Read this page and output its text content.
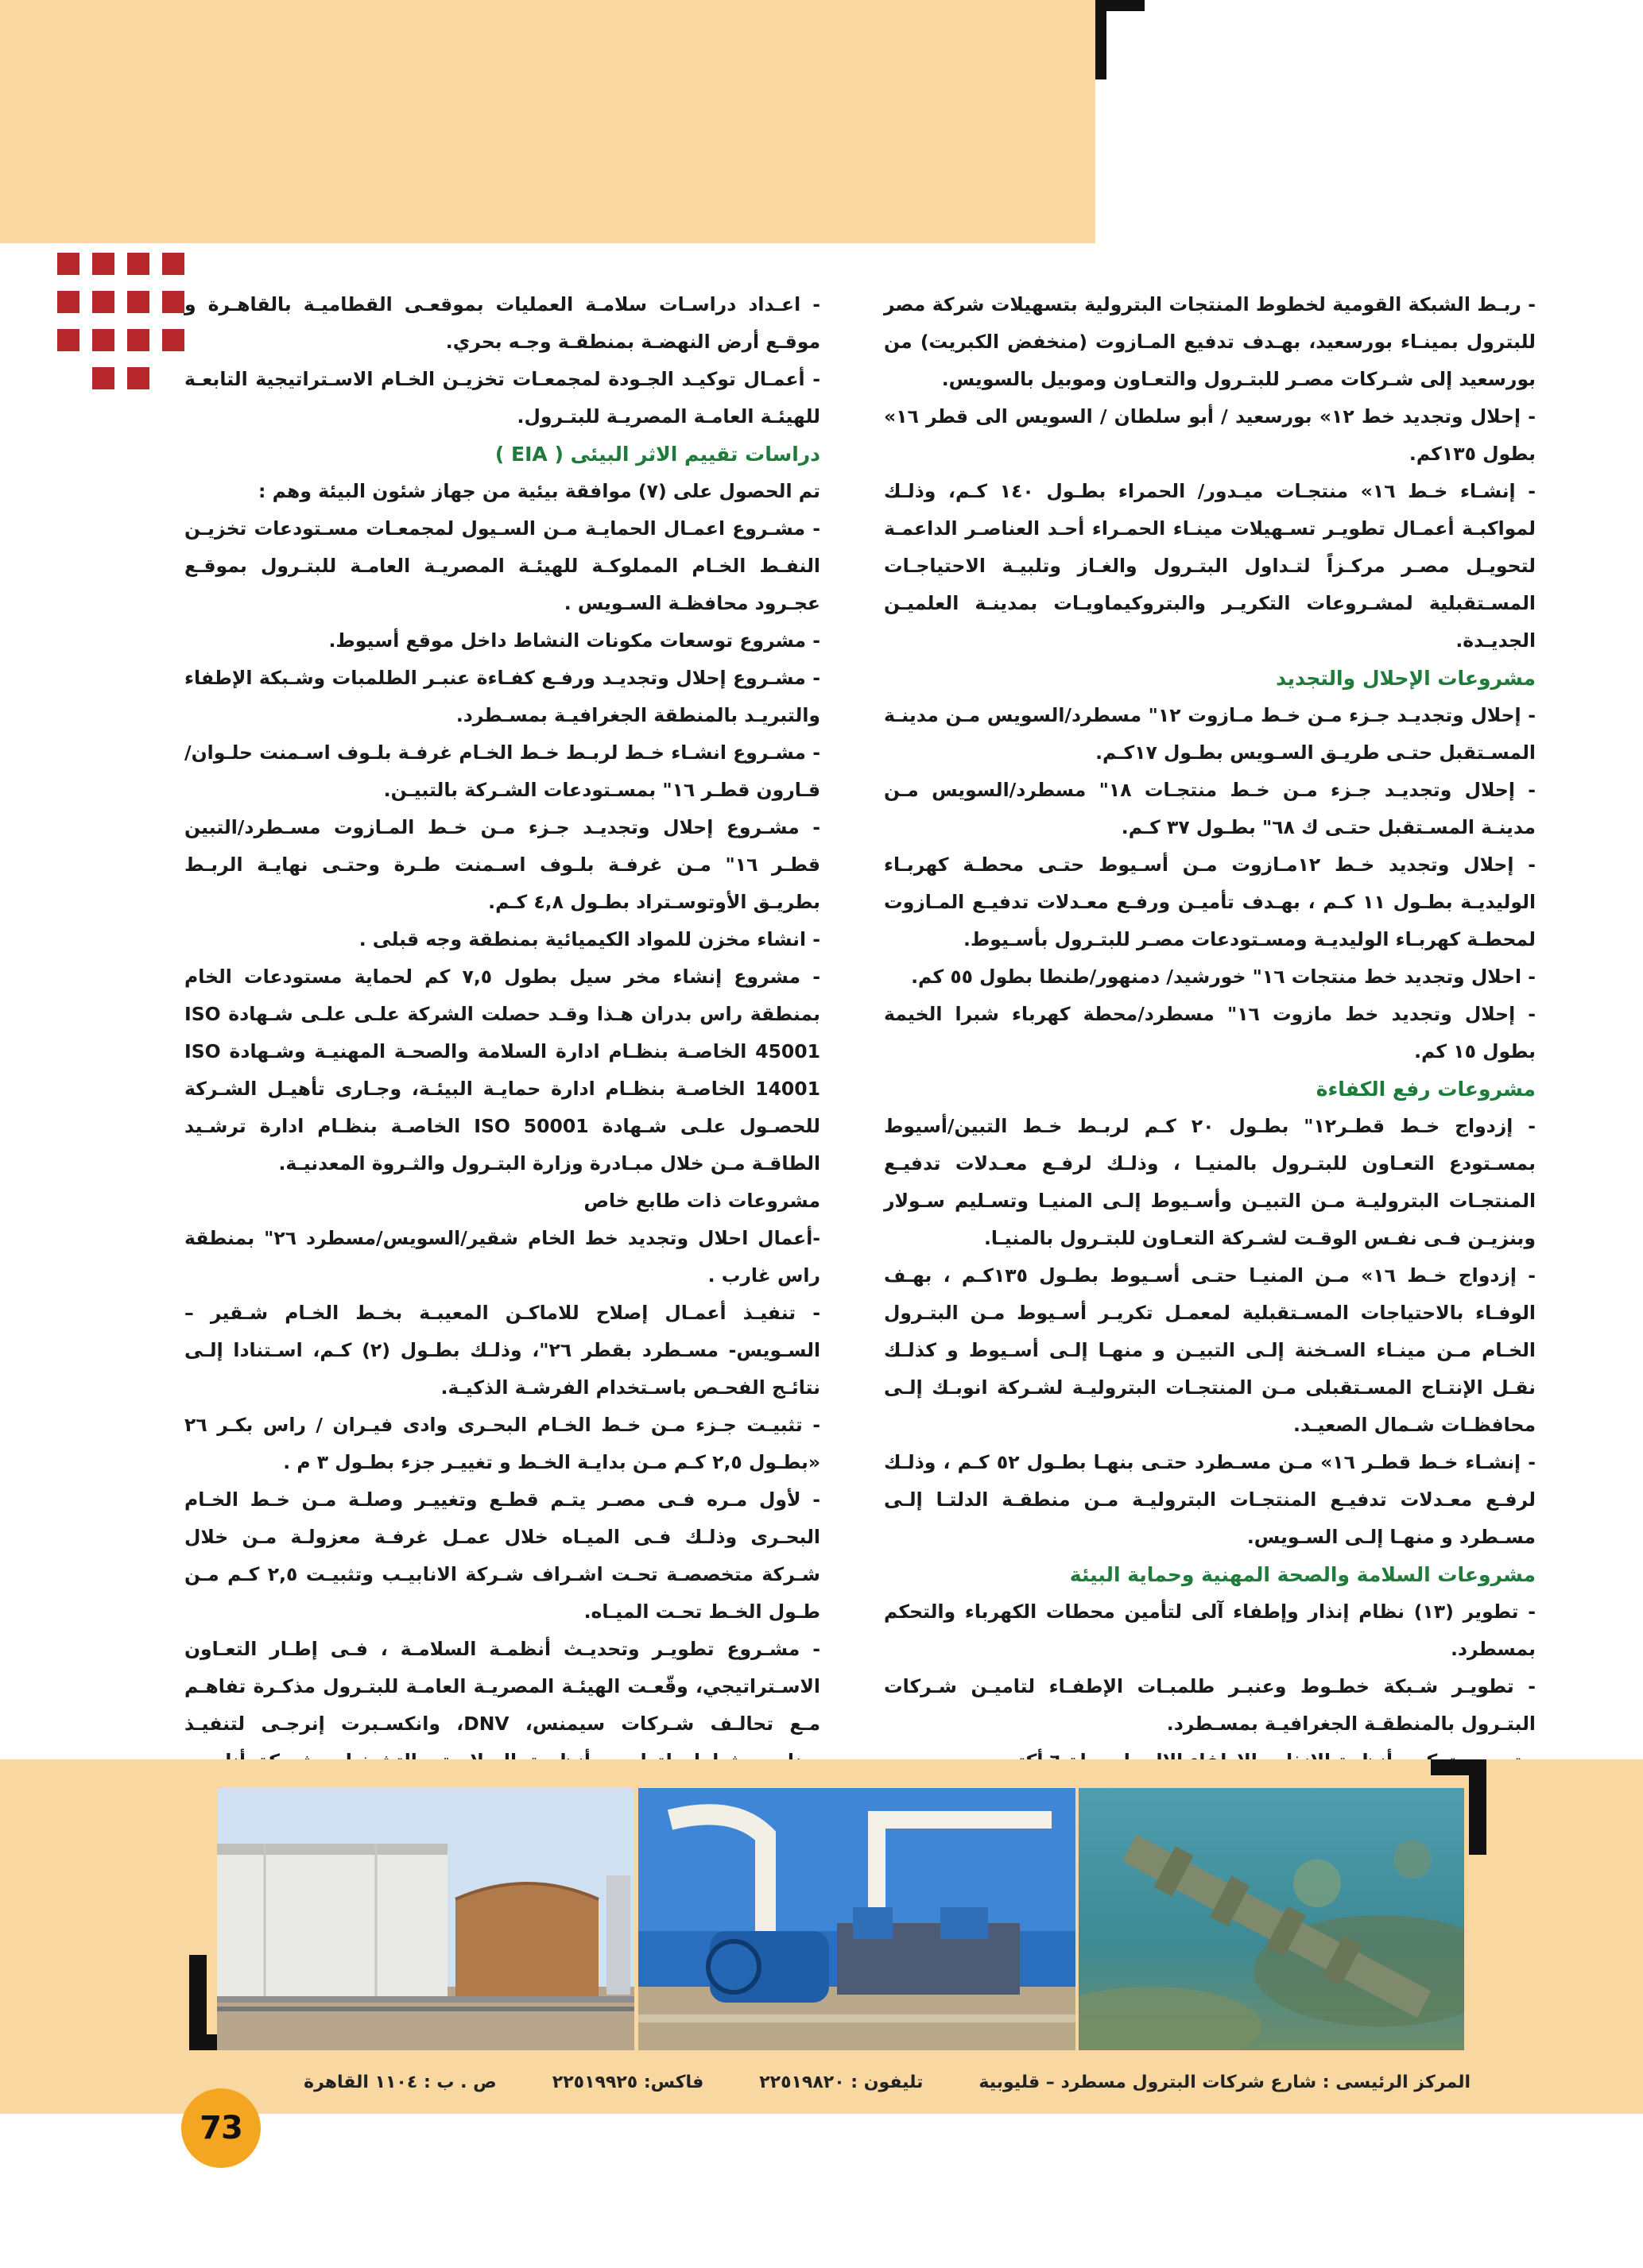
- ربـط الشبكة القومية لخطوط المنتجات البترولية بتسهيلات شركة مصر للبترول بمينـاء بورسعيد، بهـدف تدفيع المـازوت (منخفض الكبريت) من بورسعيد إلى شـركات مصـر للبتـرول والتعـاون وموبيل بالسويس.

- إحلال وتجديد خط ١٢» بورسعيد / أبو سلطان / السويس الى قطر ١٦» بطول ١٣٥كم.

- إنشـاء خـط ١٦» منتجـات ميـدور/ الحمراء بطـول ١٤٠ كـم، وذلـك لمواكبـة أعمـال تطويـر تسـهيلات مينـاء الحمـراء أحـد العناصـر الداعمـة لتحويـل مصـر مركـزاً لتـداول البتـرول والغـاز وتلبيـة الاحتياجـات المسـتقبلية لمشـروعات التكريـر والبتروكيماويـات بمدينـة العلميـن الجديـدة.

مشروعات الإحلال والتجديد

- إحلال وتجديـد جـزء مـن خـط مـازوت ١٢" مسطرد/السويس مـن مدينـة المسـتقبل حتـى طريـق السـويس بطـول ١٧كـم.

- إحلال وتجديـد جـزء مـن خـط منتجـات ١٨" مسطرد/السويس مـن مدينـة المسـتقبل حتـى ك ٦٨" بطـول ٣٧ كـم.

- إحلال وتجديد خـط ١٢مـازوت مـن أسـيوط حتـى محطـة كهربـاء الوليديـة بطـول ١١ كـم ، بهـدف تأميـن ورفـع معـدلات تدفيـع المـازوت لمحطـة كهربـاء الوليديـة ومسـتودعات مصـر للبتـرول بأسـيوط.

- احلال وتجديد خط منتجات ١٦" خورشيد/ دمنهور/طنطا بطول ٥٥ كم.

- إحلال وتجديد خط مازوت ١٦" مسطرد/محطة كهرباء شبرا الخيمة بطول ١٥ كم.

مشروعات رفع الكفاءة

- إزدواج خـط قطـر١٢" بطـول ٢٠ كـم لربـط خـط التبين/أسيوط بمسـتودع التعـاون للبتـرول بالمنيـا ، وذلـك لرفـع معـدلات تدفيـع المنتجـات البتروليـة مـن التبيـن وأسـيوط إلـى المنيـا وتسـليم سـولار وبنزيـن فـى نفـس الوقـت لشـركة التعـاون للبتـرول بالمنيـا.

- إزدواج خـط ١٦» مـن المنيـا حتـى أسـيوط بطـول ١٣٥كـم ، بهـف الوفـاء بالاحتياجات المسـتقبلية لمعمـل تكريـر أسـيوط مـن البتـرول الخـام مـن مينـاء السـخنة إلـى التبيـن و منهـا إلـى أسـيوط و كذلـك نقـل الإنتـاج المسـتقبلى مـن المنتجـات البتروليـة لشـركة انوبـك إلـى محافظـات شـمال الصعيـد.

- إنشـاء خـط قطـر ١٦» مـن مسـطرد حتـى بنهـا بطـول ٥٢ كـم ، وذلـك لرفـع معـدلات تدفيـع المنتجـات البتروليـة مـن منطقـة الدلتـا إلـى مسـطرد و منهـا إلـى السـويس.

مشروعات السلامة والصحة المهنية وحماية البيئة

- تطوير (١٣) نظام إنذار وإطفاء آلى لتأمين محطات الكهرباء والتحكم بمسطرد.

- تطويـر شـبكة خطـوط وعنبـر طلمبـات الإطفـاء لتاميـن شـركات البتـرول بالمنطقـة الجغرافيـة بمسـطرد.

- اعـداد دراسـات سلامـة العمليات بموقعـى القطاميـة بالقاهـرة و موقـع أرض النهضـة بمنطقـة وجـه بحري.

- أعمـال توكيـد الجـودة لمجمعـات تخزيـن الخـام الاسـتراتيجية التابعـة للهيئـة العامـة المصريـة للبتـرول.

دراسات تقييم الاثر البيئى ( EIA )

تم الحصول على (٧) موافقة بيئية من جهاز شئون البيئة وهم :

- مشـروع اعمـال الحمايـة مـن السـيول لمجمعـات مسـتودعات تخزيـن النفـط الخـام المملوكـة للهيئـة المصريـة العامـة للبتـرول بموقـع عجـرود محافظـة السـويس .

- مشروع توسعات مكونات النشاط داخل موقع أسيوط.

- مشـروع إحلال وتجديـد ورفـع كفـاءة عنبـر الطلمبات وشـبكة الإطفاء والتبريـد بالمنطقة الجغرافيـة بمسـطرد.

- مشـروع انشـاء خـط لربـط خـط الخـام غرفـة بلـوف اسـمنت حلـوان/ قـارون قطـر ١٦" بمسـتودعات الشـركة بالتبيـن.

- مشـروع إحلال وتجديـد جـزء مـن خـط المـازوت مسـطرد/التبين قطـر ١٦" مـن غرفـة بلـوف اسـمنت طـرة وحتـى نهايـة الربـط بطريـق الأوتوسـتراد بطـول ٤,٨ كـم.

- انشاء مخزن للمواد الكيميائية بمنطقة وجه قبلى .

- مشروع إنشاء مخر سيل بطول ٧,٥ كم لحماية مستودعات الخام بمنطقة راس بدران هـذا وقـد حصلت الشركة علـى علـى شـهادة ISO 45001 الخاصـة بنظـام ادارة السلامة والصحـة المهنيـة وشـهادة ISO 14001 الخاصـة بنظـام ادارة حمايـة البيئـة، وجـارى تأهيـل الشـركة للحصـول علـى شـهادة ISO 50001 الخاصـة بنظـام ادارة ترشـيد الطاقـة مـن خلال مبـادرة وزارة البتـرول والثـروة المعدنيـة.

مشروعات ذات طابع خاص

-أعمال احلال وتجديد خط الخام شقير/السويس/مسطرد ٢٦" بمنطقة راس غارب .

- تنفيـذ أعمـال إصلاح للاماكـن المعيبـة بخـط الخـام شـقير – السـويس- مسـطرد بقطر ٢٦"، وذلـك بطـول (٢) كـم، اسـتنادا إلـى نتائـج الفحـص باسـتخدام الفرشـة الذكيـة.

- تثبيـت جـزء مـن خـط الخـام البحـرى وادى فيـران / راس بكـر ٢٦ «بطـول ٢,٥ كـم مـن بدايـة الخـط و تغييـر جزء بطـول ٣ م .

- لأول مـره فـى مصـر يتـم قطـع وتغييـر وصلـة مـن خـط الخـام البحـرى وذلـك فـى الميـاه خلال عمـل غرفـة معزولـة مـن خلال شـركة متخصصـة تحـت اشـراف شـركة الانابيـب وتثبيـت ٢,٥ كـم مـن طـول الخـط تحـت الميـاه.

- مشـروع تطويـر وتحديـث أنظمـة السلامـة ، فـى إطـار التعـاون الاسـتراتيجي، وقّعـت الهيئـة المصريـة العامـة للبتـرول مذكـرة تفاهـم مـع تحالـف شـركات سيمنس، DNV، وانكسـبرت إنرجـى لتنفيـذ

المركز الرئيسى : شارع شركات البترول مسطرد – قليوبية
تليفون : ٢٢٥١٩٨٢٠
فاكس: ٢٢٥١٩٩٢٥
ص . ب : ١١٠٤ القاهرة
73
